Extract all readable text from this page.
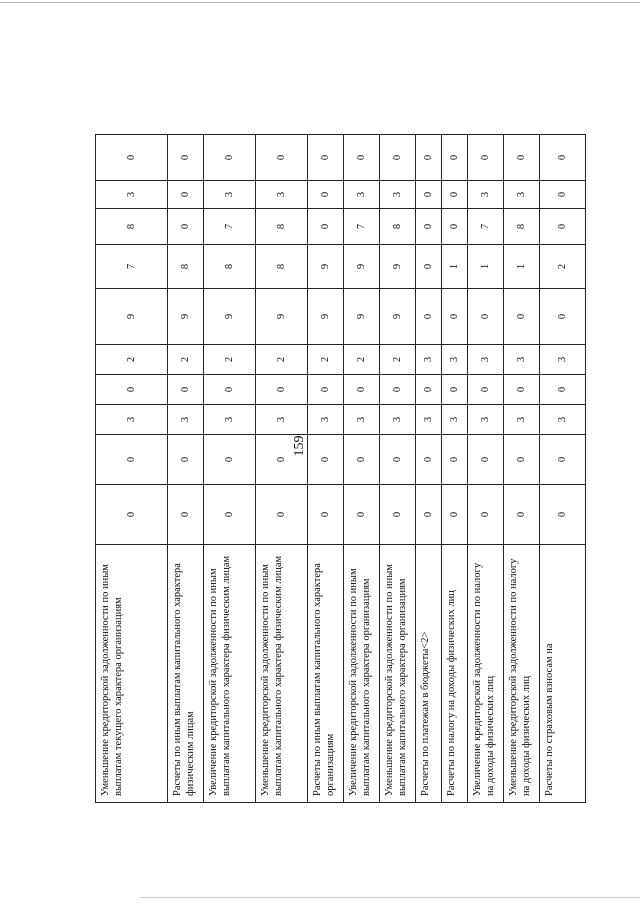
159
Уменьшение кредиторской задолженности по иным выплатам текущего характера организациям	0	0	3	0	2	9	7	8	3	0
Расчеты по иным выплатам капитального характера физическим лицам	0	0	3	0	2	9	8	0	0	0
Увеличение кредиторской задолженности по иным выплатам капитального характера физическим лицам	0	0	3	0	2	9	8	7	3	0
Уменьшение кредиторской задолженности по иным выплатам капитального характера физическим лицам	0	0	3	0	2	9	8	8	3	0
Расчеты по иным выплатам капитального характера организациям	0	0	3	0	2	9	9	0	0	0
Увеличение кредиторской задолженности по иным выплатам капитального характера организациям	0	0	3	0	2	9	9	7	3	0
Уменьшение кредиторской задолженности по иным выплатам капитального характера организациям	0	0	3	0	2	9	9	8	3	0
Расчеты по платежам в бюджеты<2>	0	0	3	0	3	0	0	0	0	0
Расчеты по налогу на доходы физических лиц	0	0	3	0	3	0	1	0	0	0
Увеличение кредиторской задолженности по налогу на доходы физических лиц	0	0	3	0	3	0	1	7	3	0
Уменьшение кредиторской задолженности по налогу на доходы физических лиц	0	0	3	0	3	0	1	8	3	0
Расчеты по страховым взносам на	0	0	3	0	3	0	2	0	0	0
